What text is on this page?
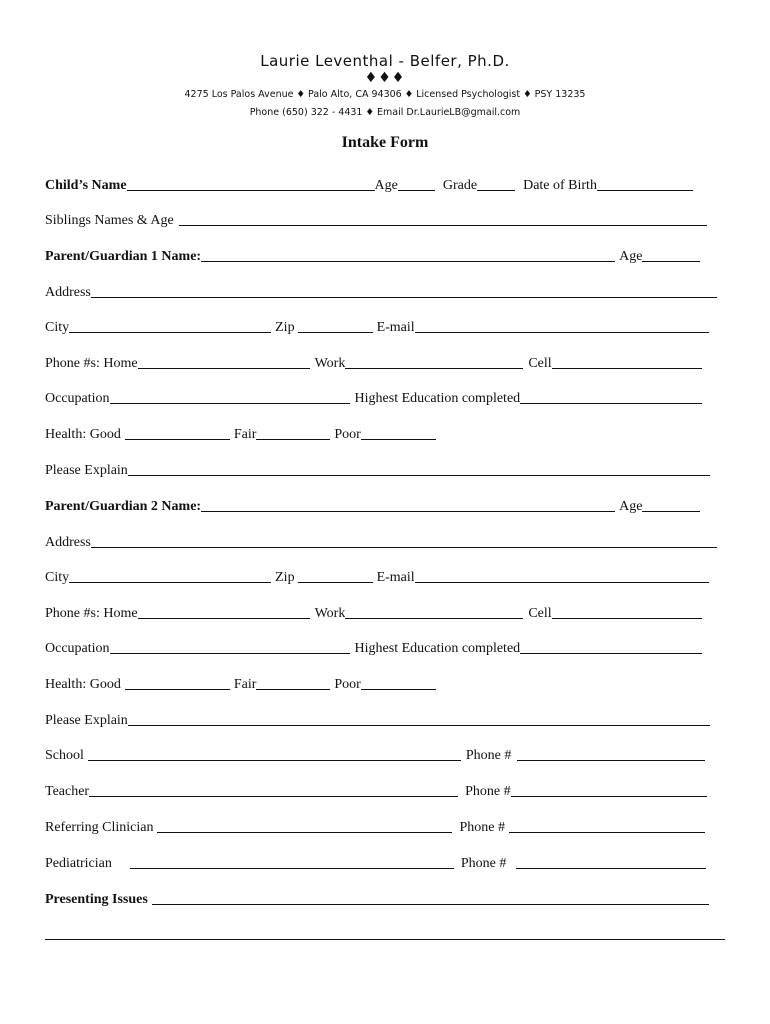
Laurie Leventhal - Belfer, Ph.D.
♦♦♦
4275 Los Palos Avenue ♦ Palo Alto, CA 94306 ♦ Licensed Psychologist ♦ PSY 13235
Phone (650) 322 - 4431 ♦ Email Dr.LaurieLB@gmail.com
Intake Form
Child’s Name	Age	Grade	Date of Birth
Siblings Names & Age
Parent/Guardian 1 Name:	Age
Address
City	Zip	E-mail
Phone #s: Home	Work	Cell
Occupation	Highest Education completed
Health: Good	Fair	Poor
Please Explain
Parent/Guardian 2 Name:	Age
Address
City	Zip	E-mail
Phone #s: Home	Work	Cell
Occupation	Highest Education completed
Health: Good	Fair	Poor
Please Explain
School	Phone #
Teacher	Phone #
Referring Clinician	Phone #
Pediatrician	Phone #
Presenting Issues
